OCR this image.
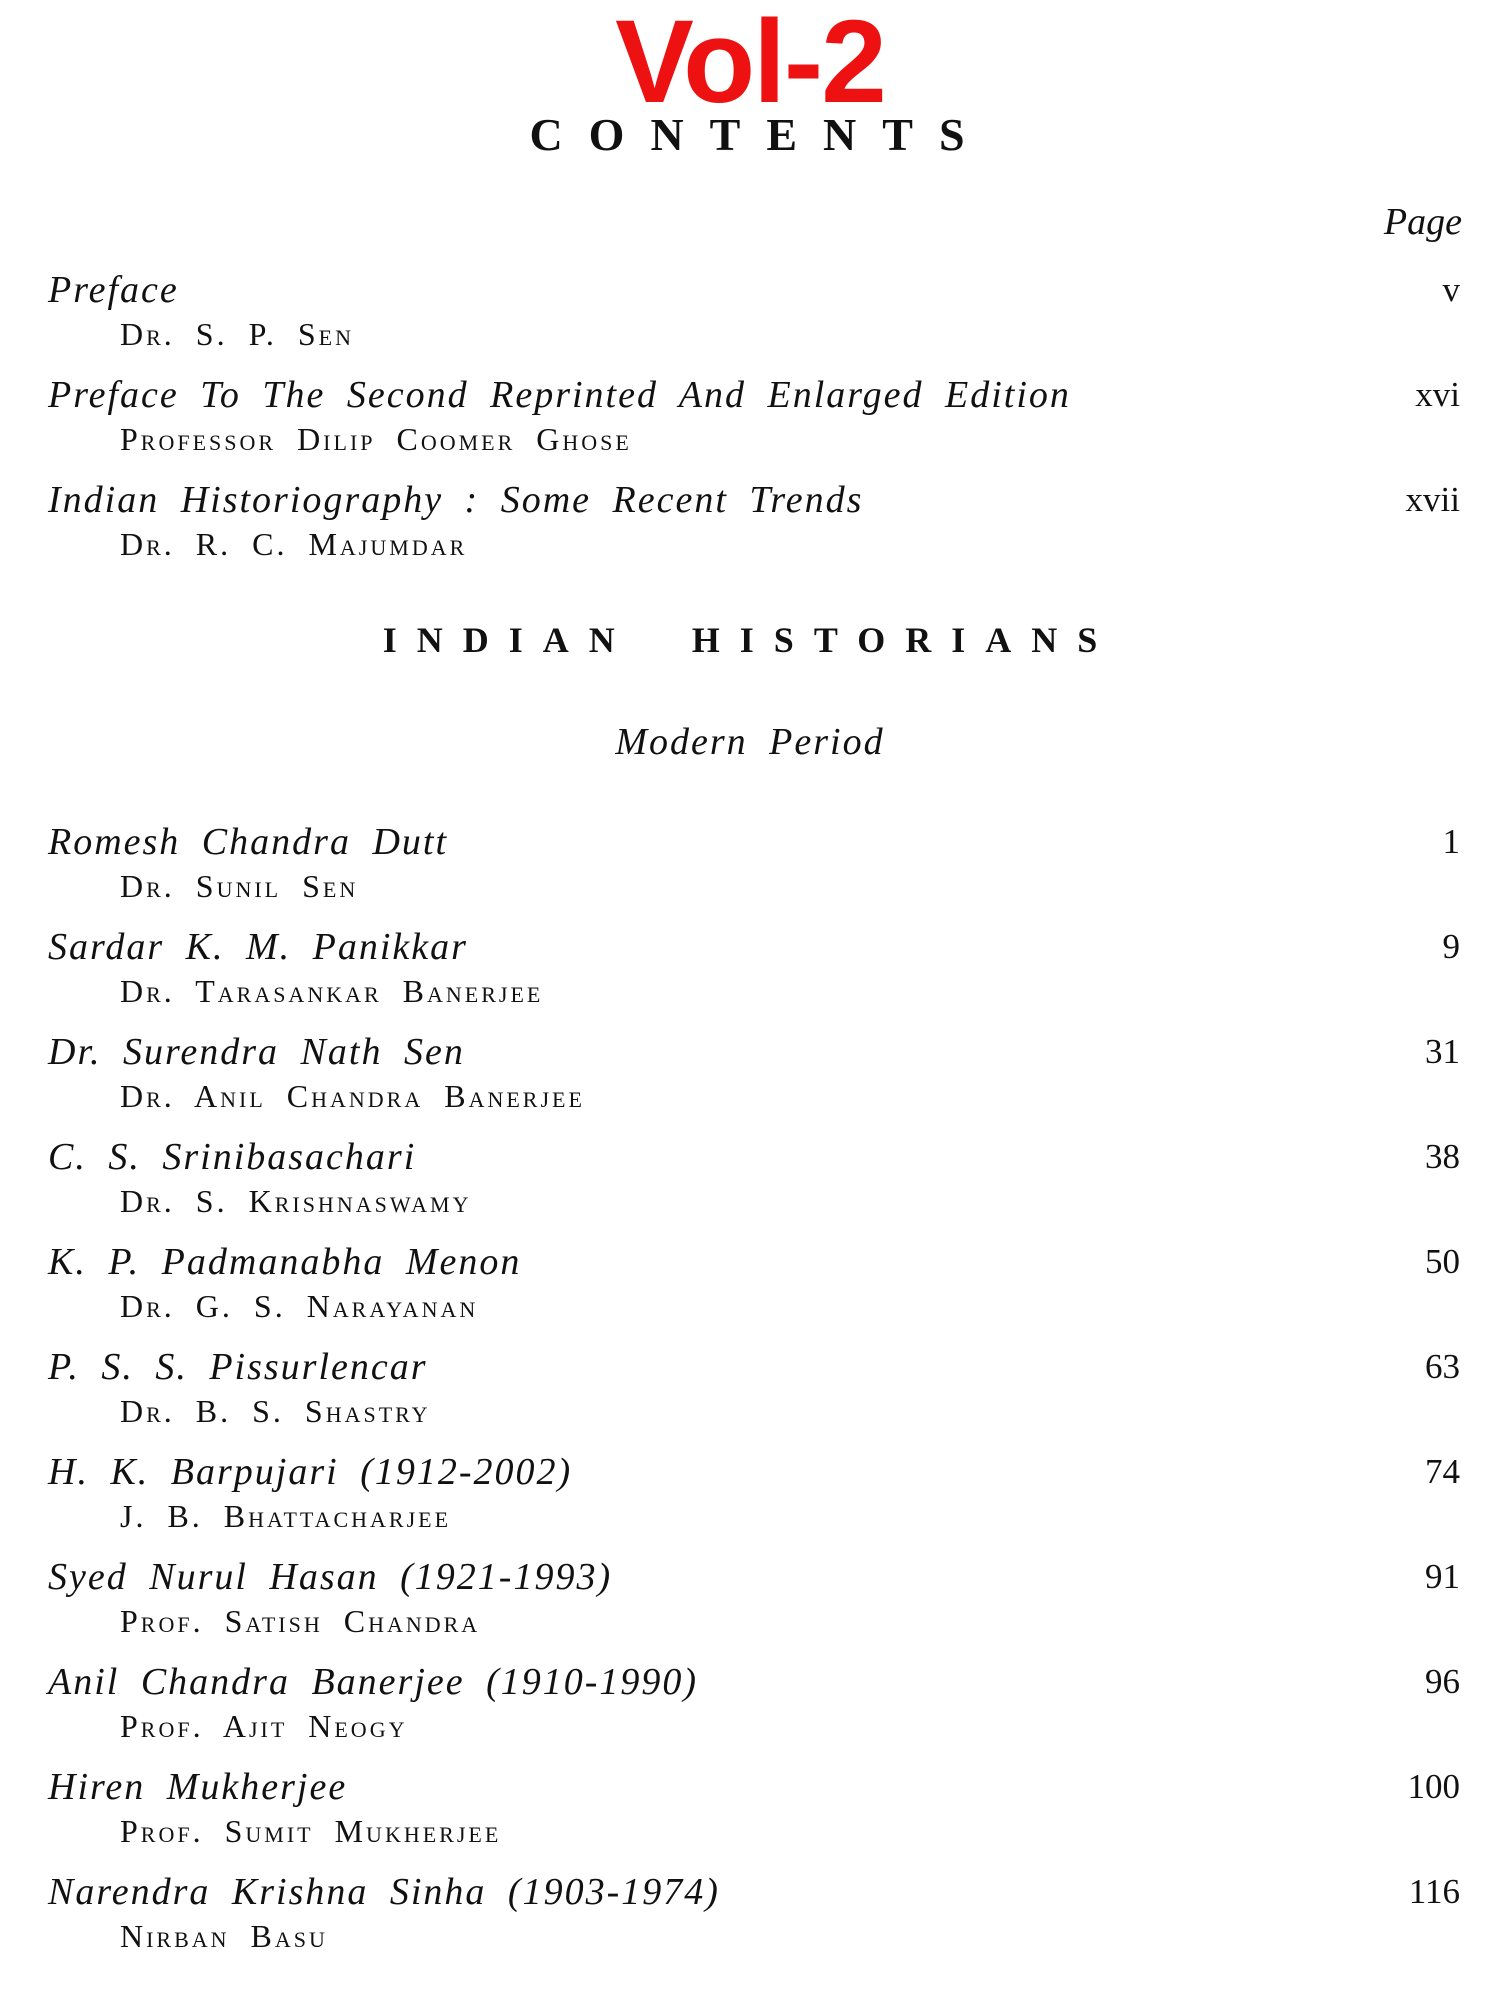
Vol-2
CONTENTS
Page
Preface
Dr. S. P. Sen
v
Preface To The Second Reprinted And Enlarged Edition
Professor Dilip Coomer Ghose
xvi
Indian Historiography : Some Recent Trends
Dr. R. C. Majumdar
xvii
INDIAN HISTORIANS
Modern Period
Romesh Chandra Dutt
Dr. Sunil Sen
1
Sardar K. M. Panikkar
Dr. Tarasankar Banerjee
9
Dr. Surendra Nath Sen
Dr. Anil Chandra Banerjee
31
C. S. Srinibasachari
Dr. S. Krishnaswamy
38
K. P. Padmanabha Menon
Dr. G. S. Narayanan
50
P. S. S. Pissurlencar
Dr. B. S. Shastry
63
H. K. Barpujari (1912-2002)
J. B. Bhattacharjee
74
Syed Nurul Hasan (1921-1993)
Prof. Satish Chandra
91
Anil Chandra Banerjee (1910-1990)
Prof. Ajit Neogy
96
Hiren Mukherjee
Prof. Sumit Mukherjee
100
Narendra Krishna Sinha (1903-1974)
Nirban Basu
116
